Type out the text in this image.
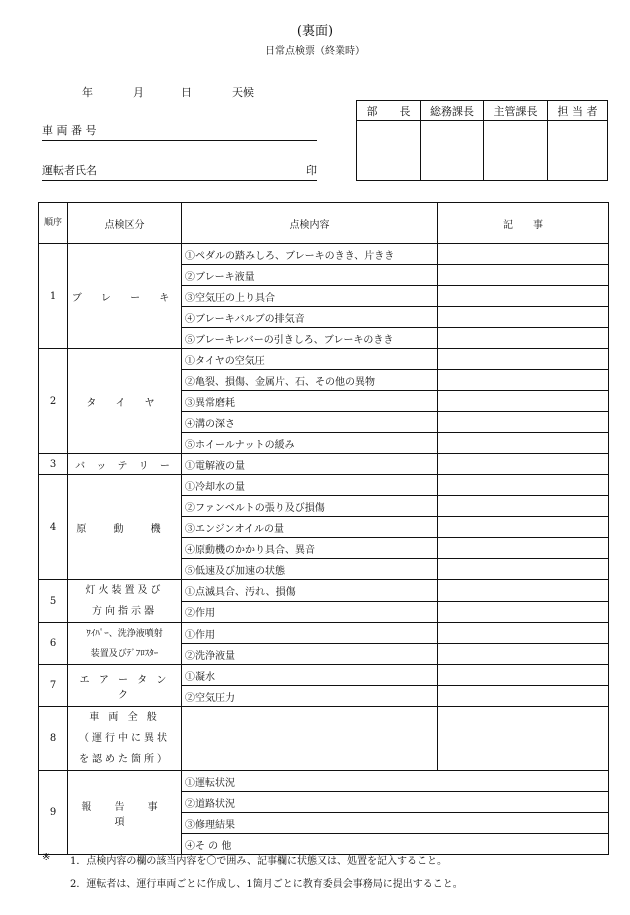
(裏面)
日常点検票（終業時）
年	月	日	天候
車 両 番 号
運転者氏名	印
部　　長	総務課長	主管課長	担 当 者

順序	点検区分	点検内容	記　　事
1	ブ レ ー キ	①ペダルの踏みしろ、ブレーキのきき、片きき	
		②ブレーキ液量	
		③空気圧の上り具合	
		④ブレーキバルブの排気音	
		⑤ブレーキレバーの引きしろ、ブレーキのきき	
2	タ イ ヤ	①タイヤの空気圧	
		②亀裂、損傷、金属片、石、その他の異物	
		③異常磨耗	
		④溝の深さ	
		⑤ホイールナットの緩み	
3	バ ッ テ リ ー	①電解液の量	
4	原 動 機	①冷却水の量	
		②ファンベルトの張り及び損傷	
		③エンジンオイルの量	
		④原動機のかかり具合、異音	
		⑤低速及び加速の状態	
5	灯火装置及び
方向指示器	①点滅具合、汚れ、損傷	
		②作用	
6	ﾜｲﾊﾟｰ、洗浄液噴射
装置及びﾃﾞﾌﾛｽﾀｰ	①作用	
		②洗浄液量	
7	エ ア ー タ ン ク	①凝水	
		②空気圧力	
8	車 両 全 般
（運行中に異状
を認めた箇所）		

9	報 告 事 項	①運転状況	
		②道路状況	
		③修理結果	
		④そ の 他	
※ 1．点検内容の欄の該当内容を〇で囲み、記事欄に状態又は、処置を記入すること。
2．運転者は、運行車両ごとに作成し、1箇月ごとに教育委員会事務局に提出すること。
